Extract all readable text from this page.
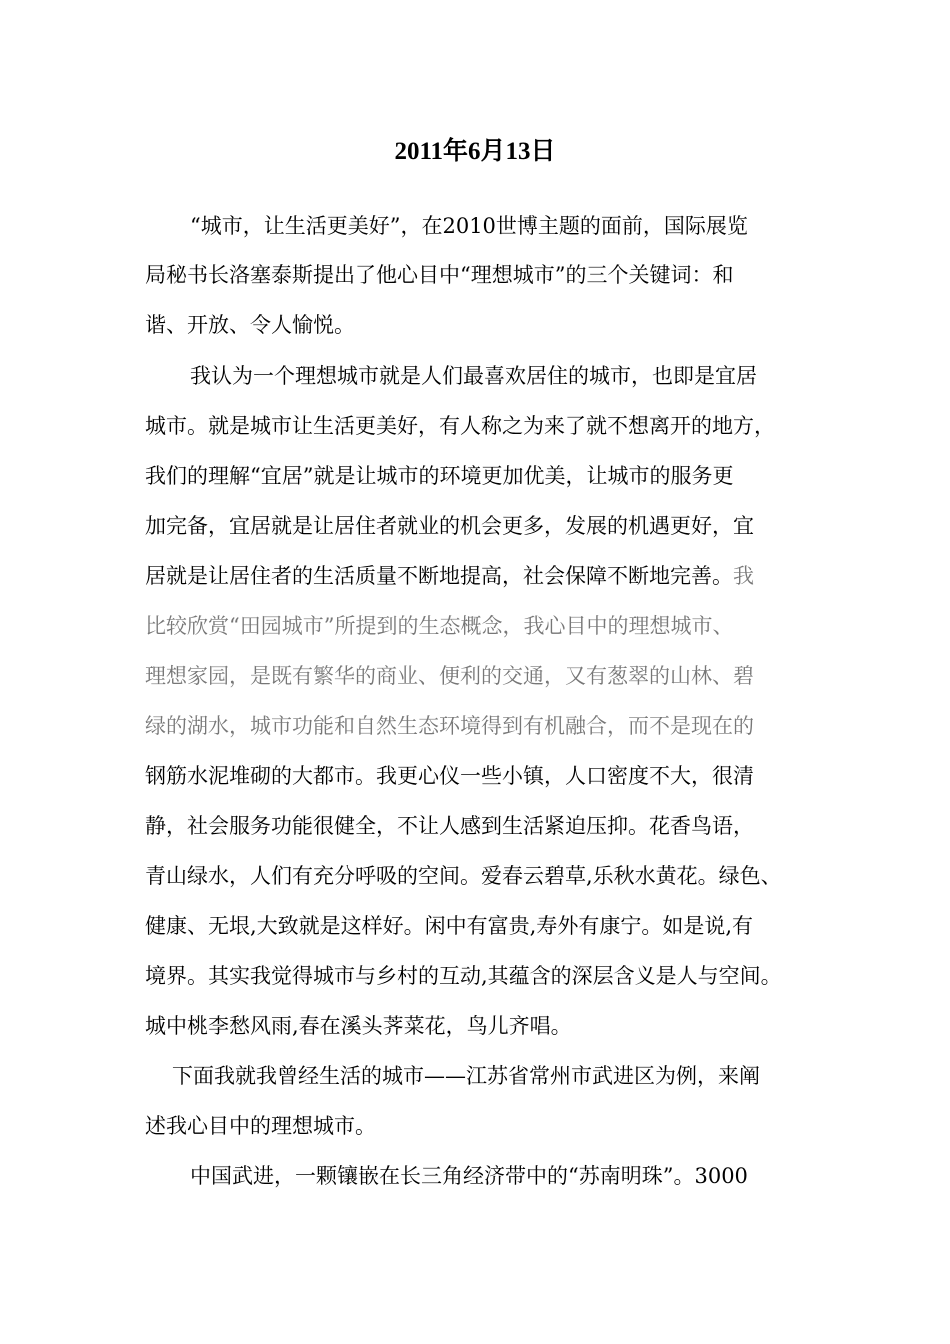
2011年6月13日
“城市，让生活更美好”，在2010世博主题的面前，国际展览
局秘书长洛塞泰斯提出了他心目中“理想城市”的三个关键词：和
谐、开放、令人愉悦。
我认为一个理想城市就是人们最喜欢居住的城市，也即是宜居
城市。就是城市让生活更美好，有人称之为来了就不想离开的地方，
我们的理解“宜居”就是让城市的环境更加优美，让城市的服务更
加完备，宜居就是让居住者就业的机会更多，发展的机遇更好，宜
居就是让居住者的生活质量不断地提高，社会保障不断地完善。我
比较欣赏“田园城市”所提到的生态概念，我心目中的理想城市、
理想家园，是既有繁华的商业、便利的交通，又有葱翠的山林、碧
绿的湖水，城市功能和自然生态环境得到有机融合，而不是现在的
钢筋水泥堆砌的大都市。我更心仪一些小镇，人口密度不大，很清
静，社会服务功能很健全，不让人感到生活紧迫压抑。花香鸟语，
青山绿水，人们有充分呼吸的空间。爱春云碧草,乐秋水黄花。绿色、
健康、无垠,大致就是这样好。闲中有富贵,寿外有康宁。如是说,有
境界。其实我觉得城市与乡村的互动,其蕴含的深层含义是人与空间。
城中桃李愁风雨,春在溪头荠菜花，鸟儿齐唱。
下面我就我曾经生活的城市——江苏省常州市武进区为例，来阐
述我心目中的理想城市。
中国武进，一颗镶嵌在长三角经济带中的“苏南明珠”。3000
